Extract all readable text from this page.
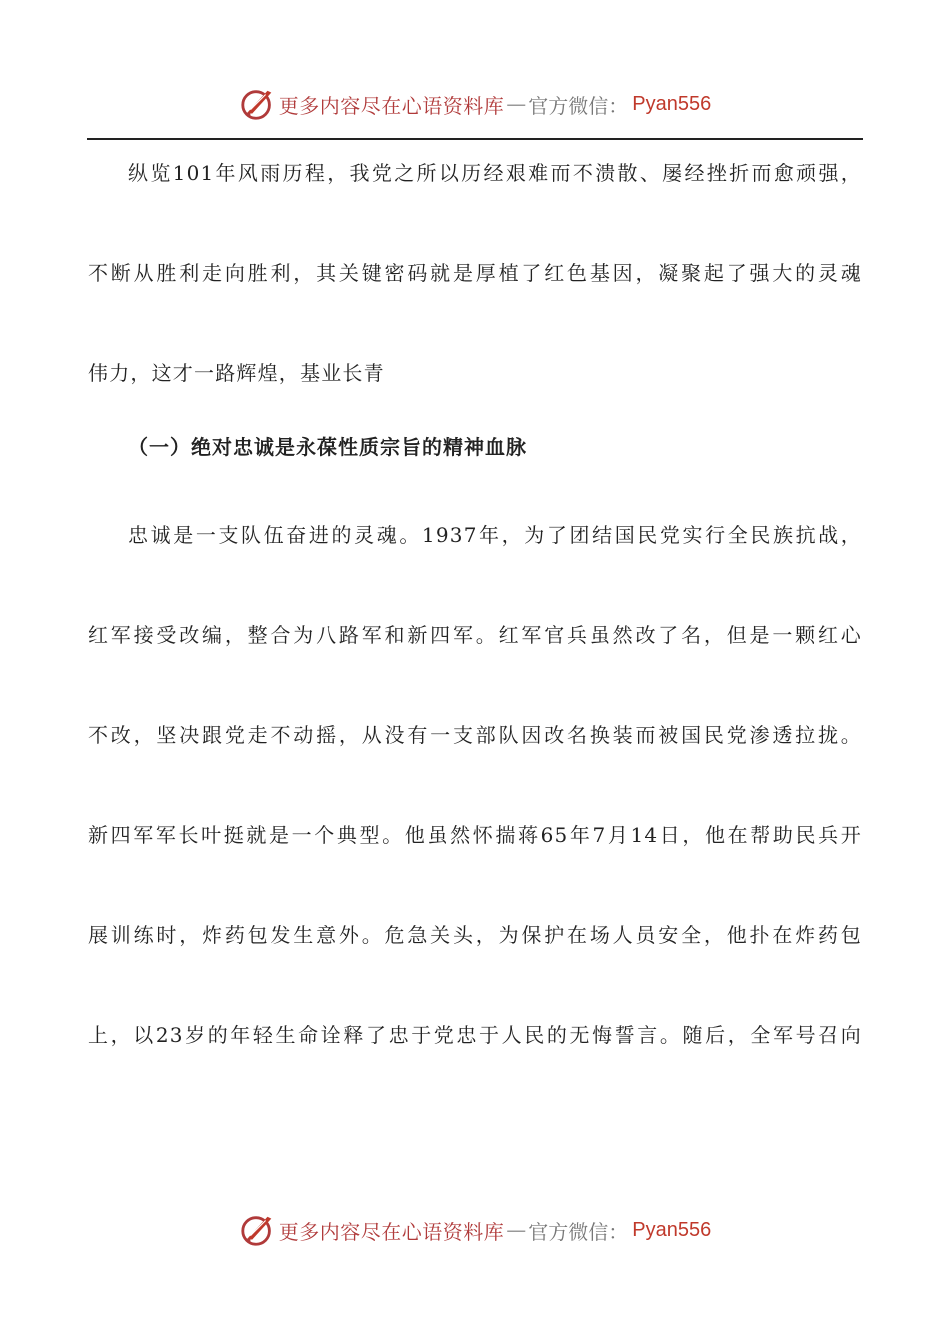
更多内容尽在心语资料库 — 官方微信： Pyan556
纵览101年风雨历程，我党之所以历经艰难而不溃散、屡经挫折而愈顽强，
不断从胜利走向胜利，其关键密码就是厚植了红色基因，凝聚起了强大的灵魂
伟力，这才一路辉煌，基业长青
（一）绝对忠诚是永葆性质宗旨的精神血脉
忠诚是一支队伍奋进的灵魂。1937年，为了团结国民党实行全民族抗战，
红军接受改编，整合为八路军和新四军。红军官兵虽然改了名，但是一颗红心
不改，坚决跟党走不动摇，从没有一支部队因改名换装而被国民党渗透拉拢。
新四军军长叶挺就是一个典型。他虽然怀揣蒋65年7月14日，他在帮助民兵开
展训练时，炸药包发生意外。危急关头，为保护在场人员安全，他扑在炸药包
上，以23岁的年轻生命诠释了忠于党忠于人民的无悔誓言。随后，全军号召向
更多内容尽在心语资料库 — 官方微信： Pyan556
